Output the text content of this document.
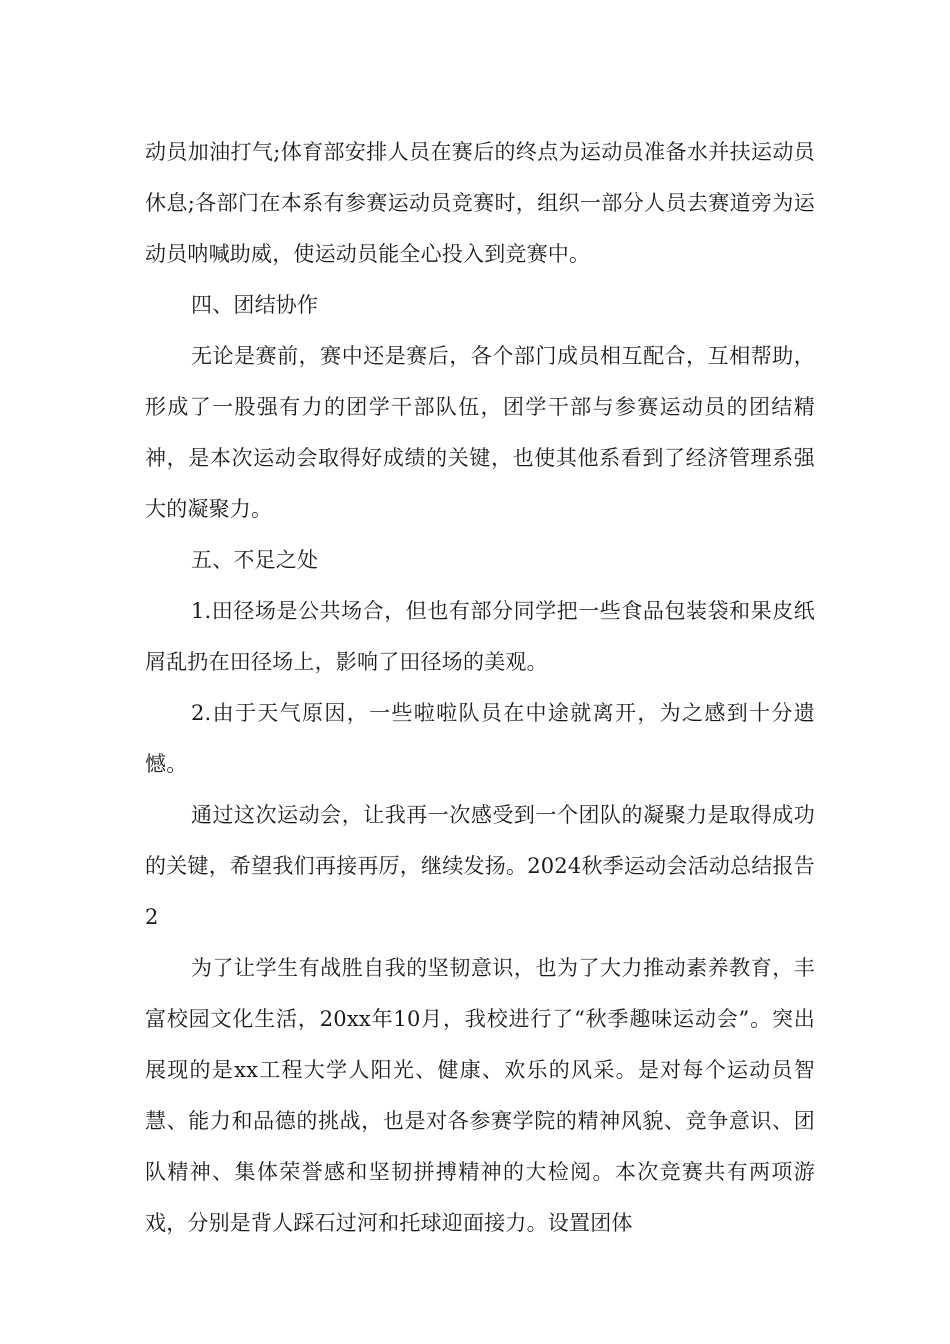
动员加油打气;体育部安排人员在赛后的终点为运动员准备水并扶运动员休息;各部门在本系有参赛运动员竞赛时，组织一部分人员去赛道旁为运动员呐喊助威，使运动员能全心投入到竞赛中。

四、团结协作

无论是赛前，赛中还是赛后，各个部门成员相互配合，互相帮助，形成了一股强有力的团学干部队伍，团学干部与参赛运动员的团结精神，是本次运动会取得好成绩的关键，也使其他系看到了经济管理系强大的凝聚力。

五、不足之处

1.田径场是公共场合，但也有部分同学把一些食品包装袋和果皮纸屑乱扔在田径场上，影响了田径场的美观。

2.由于天气原因，一些啦啦队员在中途就离开，为之感到十分遗憾。

通过这次运动会，让我再一次感受到一个团队的凝聚力是取得成功的关键，希望我们再接再厉，继续发扬。2024秋季运动会活动总结报告2

为了让学生有战胜自我的坚韧意识，也为了大力推动素养教育，丰富校园文化生活，20xx年10月，我校进行了“秋季趣味运动会”。突出展现的是xx工程大学人阳光、健康、欢乐的风采。是对每个运动员智慧、能力和品德的挑战，也是对各参赛学院的精神风貌、竞争意识、团队精神、集体荣誉感和坚韧拼搏精神的大检阅。本次竞赛共有两项游戏，分别是背人踩石过河和托球迎面接力。设置团体
